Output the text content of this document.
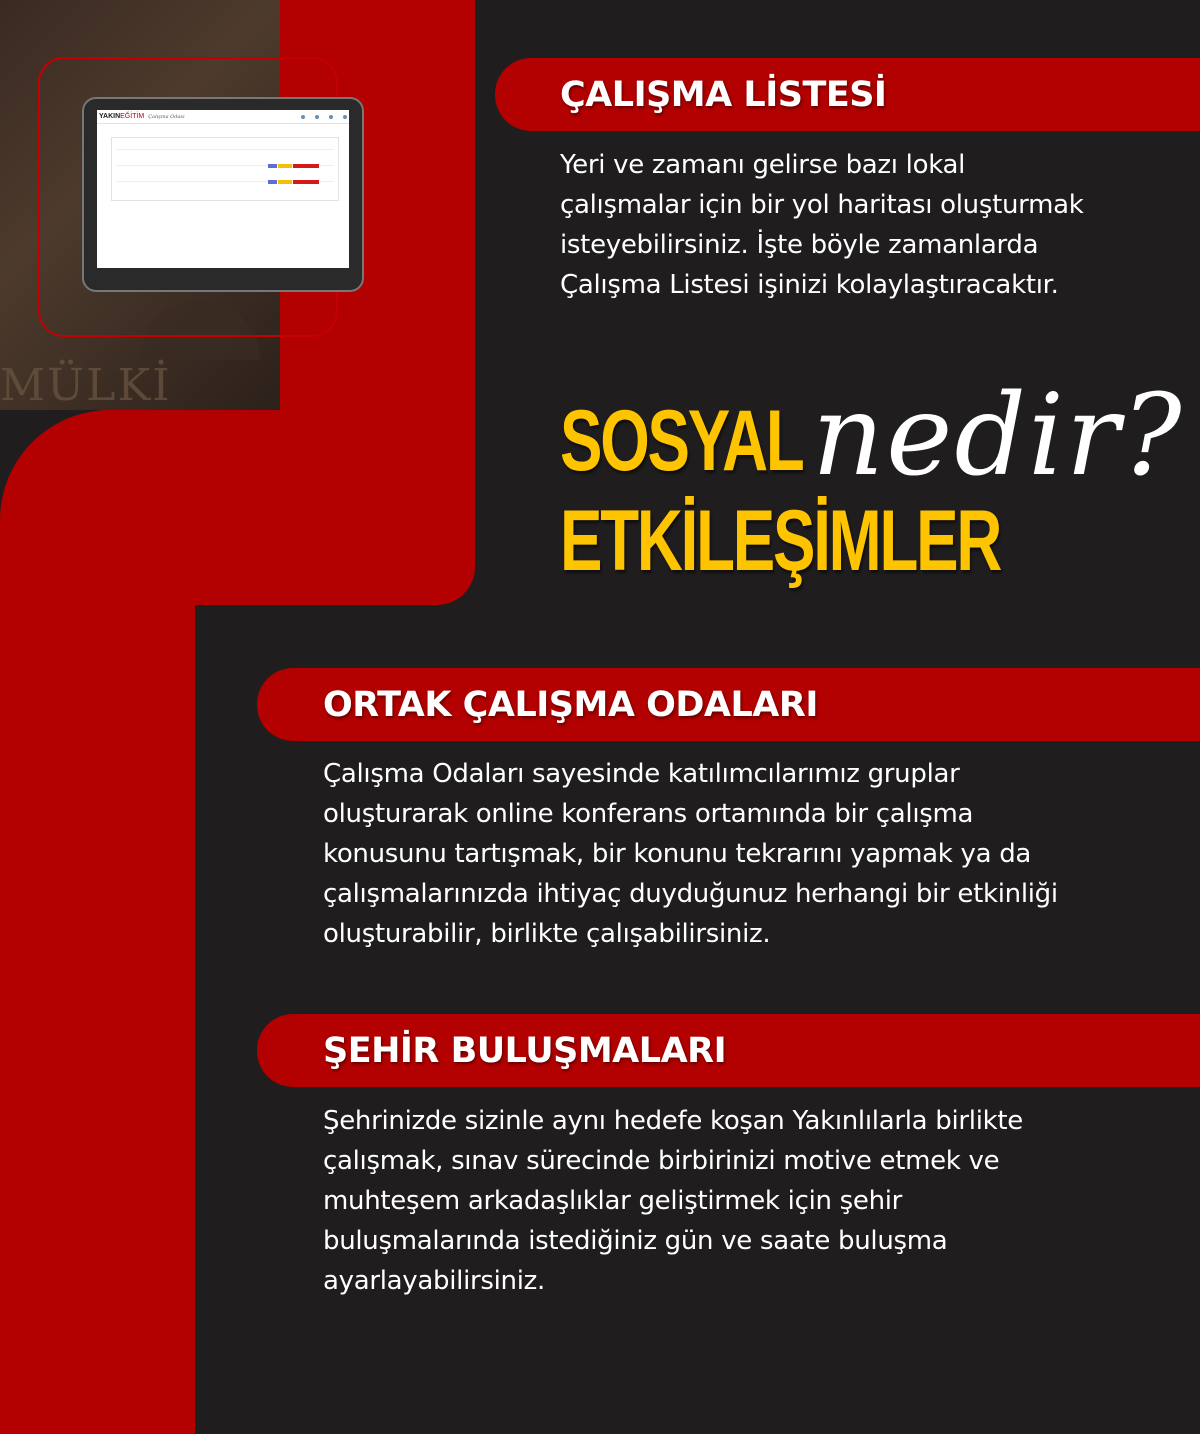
MÜLKİ
YAKINEĞİTİM Çalışma Odası
ÇALIŞMA LİSTESİ
Yeri ve zamanı gelirse bazı lokal
çalışmalar için bir yol haritası oluşturmak
isteyebilirsiniz. İşte böyle zamanlarda
Çalışma Listesi işinizi kolaylaştıracaktır.
SOSYAL
ETKİLEŞİMLER
nedir?
ORTAK ÇALIŞMA ODALARI
Çalışma Odaları sayesinde katılımcılarımız gruplar
oluşturarak online konferans ortamında bir çalışma
konusunu tartışmak, bir konunu tekrarını yapmak ya da
çalışmalarınızda ihtiyaç duyduğunuz herhangi bir etkinliği
oluşturabilir, birlikte çalışabilirsiniz.
ŞEHİR BULUŞMALARI
Şehrinizde sizinle aynı hedefe koşan Yakınlılarla birlikte
çalışmak, sınav sürecinde birbirinizi motive etmek ve
muhteşem arkadaşlıklar geliştirmek için şehir
buluşmalarında istediğiniz gün ve saate buluşma
ayarlayabilirsiniz.
